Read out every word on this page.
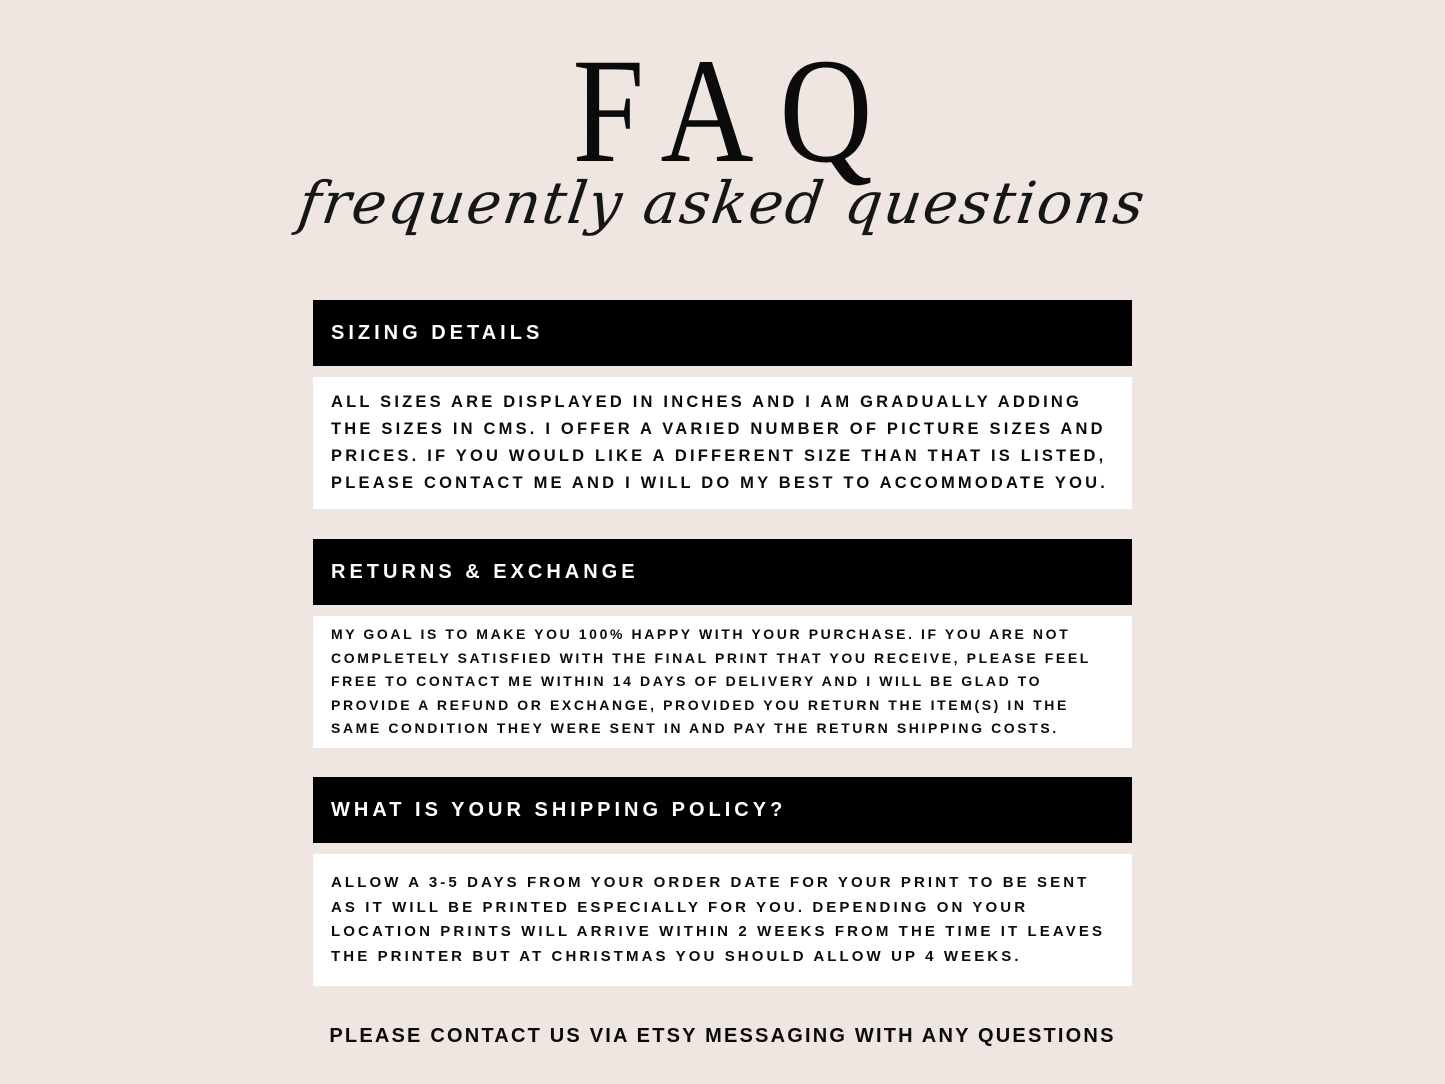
FAQ
frequently asked questions
SIZING DETAILS
ALL SIZES ARE DISPLAYED IN INCHES AND I AM GRADUALLY ADDING THE SIZES IN CMS. I OFFER A VARIED NUMBER OF PICTURE SIZES AND PRICES. IF YOU WOULD LIKE A DIFFERENT SIZE THAN THAT IS LISTED, PLEASE CONTACT ME AND I WILL DO MY BEST TO ACCOMMODATE YOU.
RETURNS & EXCHANGE
MY GOAL IS TO MAKE YOU 100% HAPPY WITH YOUR PURCHASE. IF YOU ARE NOT COMPLETELY SATISFIED WITH THE FINAL PRINT THAT YOU RECEIVE, PLEASE FEEL FREE TO CONTACT ME WITHIN 14 DAYS OF DELIVERY AND I WILL BE GLAD TO PROVIDE A REFUND OR EXCHANGE, PROVIDED YOU RETURN THE ITEM(S) IN THE SAME CONDITION THEY WERE SENT IN AND PAY THE RETURN SHIPPING COSTS.
WHAT IS YOUR SHIPPING POLICY?
ALLOW A 3-5 DAYS FROM YOUR ORDER DATE FOR YOUR PRINT TO BE SENT AS IT WILL BE PRINTED ESPECIALLY FOR YOU. DEPENDING ON YOUR LOCATION PRINTS WILL ARRIVE WITHIN 2 WEEKS FROM THE TIME IT LEAVES THE PRINTER BUT AT CHRISTMAS YOU SHOULD ALLOW UP 4 WEEKS.
PLEASE CONTACT US VIA ETSY MESSAGING WITH ANY QUESTIONS
